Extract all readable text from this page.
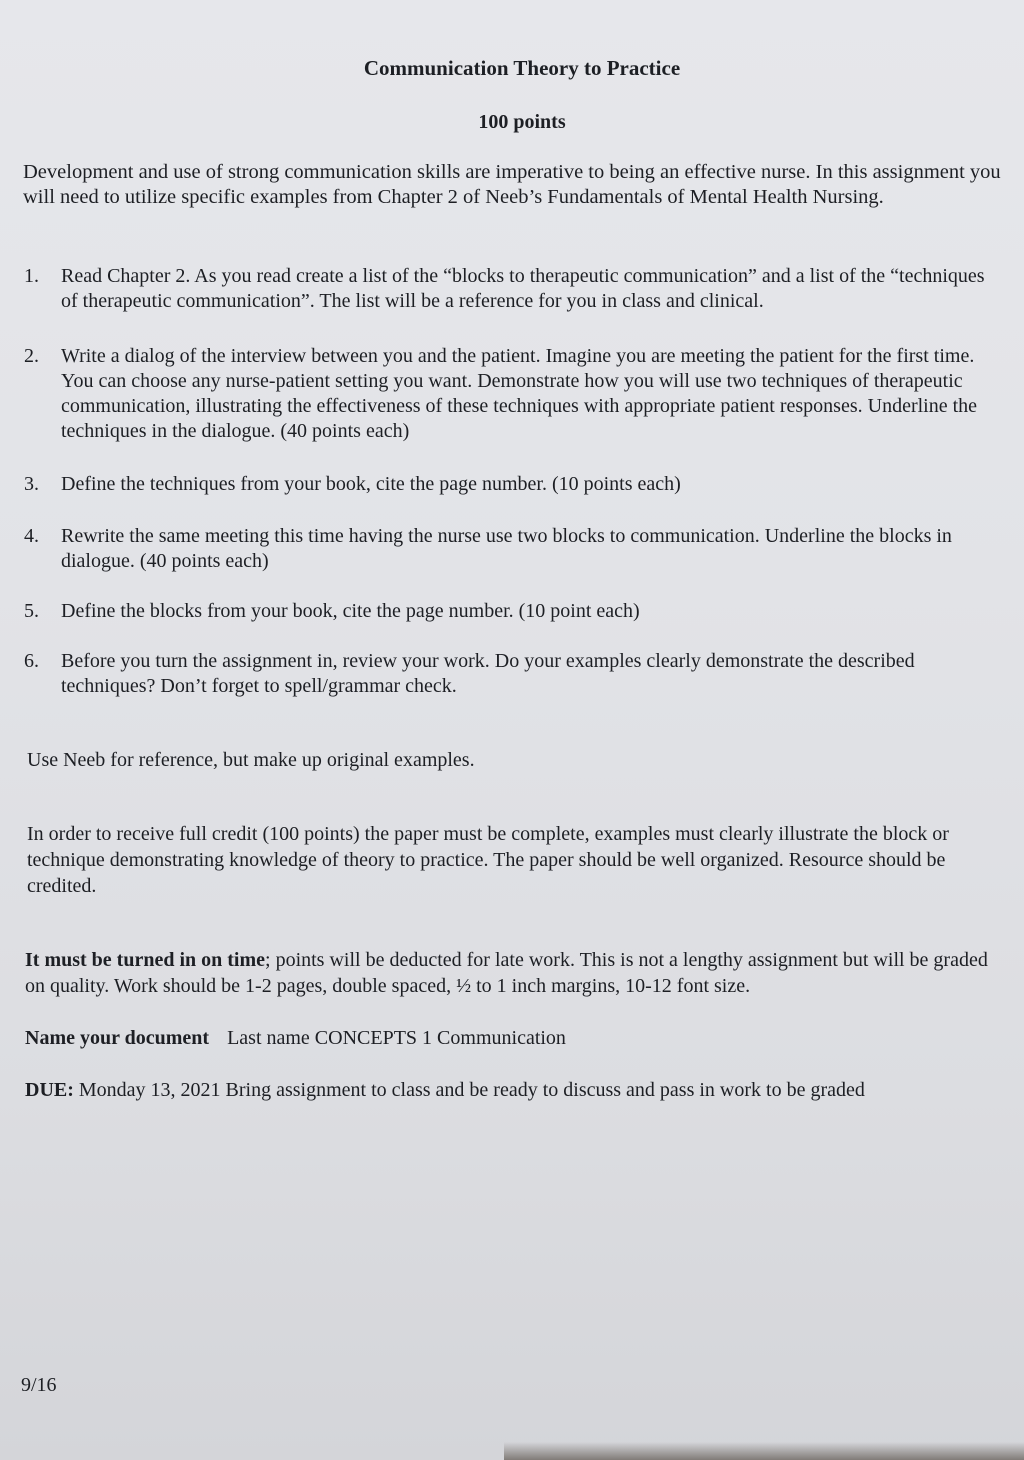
Communication Theory to Practice
100 points
Development and use of strong communication skills are imperative to being an effective nurse. In this assignment you will need to utilize specific examples from Chapter 2 of Neeb’s Fundamentals of Mental Health Nursing.
1. Read Chapter 2. As you read create a list of the “blocks to therapeutic communication” and a list of the “techniques of therapeutic communication”. The list will be a reference for you in class and clinical.
2. Write a dialog of the interview between you and the patient. Imagine you are meeting the patient for the first time. You can choose any nurse-patient setting you want. Demonstrate how you will use two techniques of therapeutic communication, illustrating the effectiveness of these techniques with appropriate patient responses. Underline the techniques in the dialogue. (40 points each)
3. Define the techniques from your book, cite the page number. (10 points each)
4. Rewrite the same meeting this time having the nurse use two blocks to communication. Underline the blocks in dialogue. (40 points each)
5. Define the blocks from your book, cite the page number. (10 point each)
6. Before you turn the assignment in, review your work. Do your examples clearly demonstrate the described techniques? Don’t forget to spell/grammar check.
Use Neeb for reference, but make up original examples.
In order to receive full credit (100 points) the paper must be complete, examples must clearly illustrate the block or technique demonstrating knowledge of theory to practice. The paper should be well organized. Resource should be credited.
It must be turned in on time; points will be deducted for late work. This is not a lengthy assignment but will be graded on quality. Work should be 1-2 pages, double spaced, ½ to 1 inch margins, 10-12 font size.
Name your document Last name CONCEPTS 1 Communication
DUE: Monday 13, 2021 Bring assignment to class and be ready to discuss and pass in work to be graded
9/16
